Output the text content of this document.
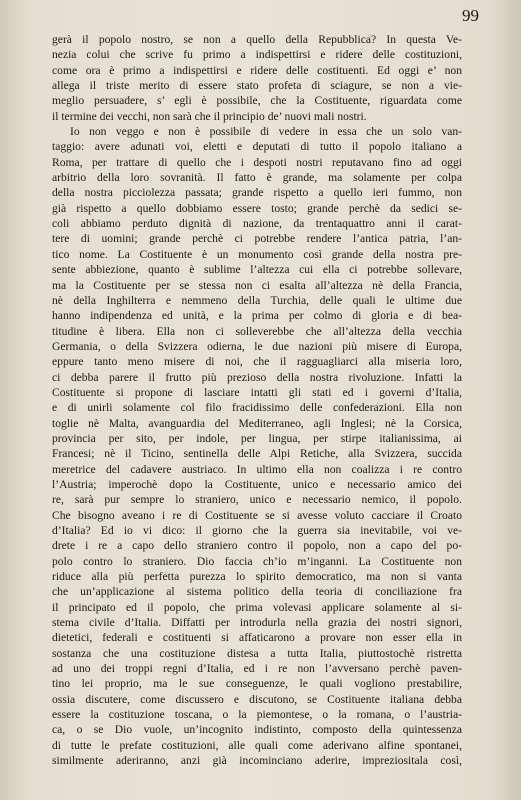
99
gerà il popolo nostro, se non a quello della Repubblica? In questa Ve-
nezia colui che scrive fu primo a indispettirsi e ridere delle costituzioni,
come ora è primo a indispettirsi e ridere delle costituenti. Ed oggi e’ non
allega il triste merito di essere stato profeta di sciagure, se non a vie-
meglio persuadere, s’ egli è possibile, che la Costituente, riguardata come
il termine dei vecchi, non sarà che il principio de’ nuovi mali nostri.
Io non veggo e non è possibile di vedere in essa che un solo van-
taggio: avere adunati voi, eletti e deputati di tutto il popolo italiano a
Roma, per trattare di quello che i despoti nostri reputavano fino ad oggi
arbitrio della loro sovranità. Il fatto è grande, ma solamente per colpa
della nostra picciolezza passata; grande rispetto a quello ieri fummo, non
già rispetto a quello dobbiamo essere tosto; grande perchè da sedici se-
coli abbiamo perduto dignità di nazione, da trentaquattro anni il carat-
tere di uomini; grande perchè ci potrebbe rendere l’antica patria, l’an-
tico nome. La Costituente è un monumento così grande della nostra pre-
sente abbiezione, quanto è sublime l’altezza cui ella ci potrebbe sollevare,
ma la Costituente per se stessa non ci esalta all’altezza nè della Francia,
nè della Inghilterra e nemmeno della Turchia, delle quali le ultime due
hanno indipendenza ed unità, e la prima per colmo di gloria e di bea-
titudine è libera. Ella non ci solleverebbe che all’altezza della vecchia
Germania, o della Svizzera odierna, le due nazioni più misere di Europa,
eppure tanto meno misere di noi, che il ragguagliarci alla miseria loro,
ci debba parere il frutto più prezioso della nostra rivoluzione. Infatti la
Costituente si propone di lasciare intatti gli stati ed i governi d’Italia,
e di unirli solamente col filo fracidissimo delle confederazioni. Ella non
toglie nè Malta, avanguardia del Mediterraneo, agli Inglesi; nè la Corsica,
provincia per sito, per indole, per lingua, per stirpe italianissima, ai
Francesi; nè il Ticino, sentinella delle Alpi Retiche, alla Svizzera, succida
meretrice del cadavere austriaco. In ultimo ella non coalizza i re contro
l’Austria; imperochè dopo la Costituente, unico e necessario amico dei
re, sarà pur sempre lo straniero, unico e necessario nemico, il popolo.
Che bisogno aveano i re di Costituente se si avesse voluto cacciare il Croato
d’Italia? Ed io vi dico: il giorno che la guerra sia inevitabile, voi ve-
drete i re a capo dello straniero contro il popolo, non a capo del po-
polo contro lo straniero. Dio faccia ch’io m’inganni. La Costituente non
riduce alla più perfetta purezza lo spirito democratico, ma non si vanta
che un’applicazione al sistema politico della teoria di conciliazione fra
il principato ed il popolo, che prima volevasi applicare solamente al si-
stema civile d’Italia. Diffatti per introdurla nella grazia dei nostri signori,
dietetici, federali e costituenti si affaticarono a provare non esser ella in
sostanza che una costituzione distesa a tutta Italia, piuttostochè ristretta
ad uno dei troppi regni d’Italia, ed i re non l’avversano perchè paven-
tino lei proprio, ma le sue conseguenze, le quali vogliono prestabilire,
ossia discutere, come discussero e discutono, se Costituente italiana debba
essere la costituzione toscana, o la piemontese, o la romana, o l’austria-
ca, o se Dio vuole, un’incognito indistinto, composto della quintessenza
di tutte le prefate costituzioni, alle quali come aderivano alfine spontanei,
similmente aderiranno, anzi già incominciano aderire, impreziositala così,
